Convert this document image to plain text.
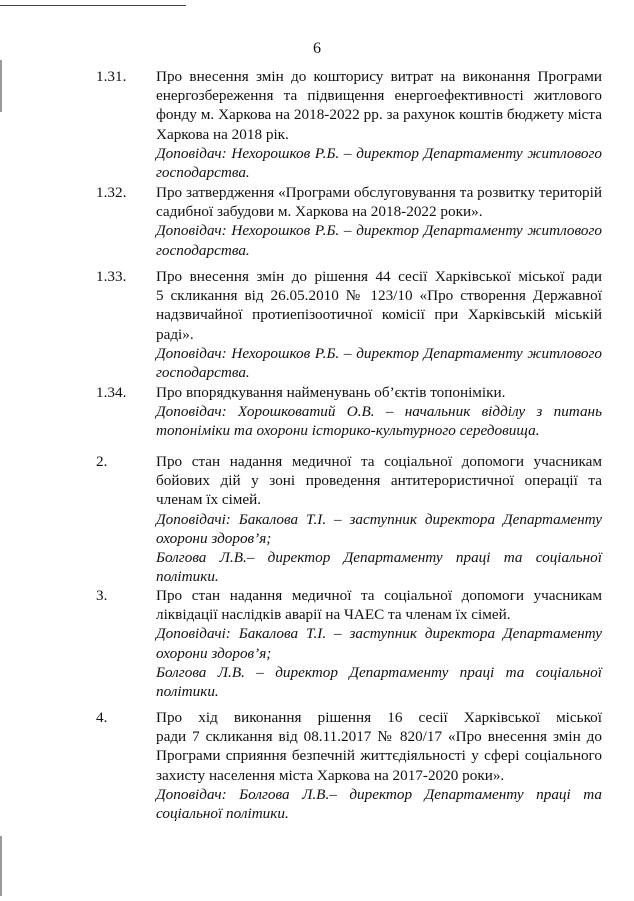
6
1.31. Про внесення змін до кошторису витрат на виконання Програми
енергозбереження та підвищення енергоефективності житлового
фонду м. Харкова на 2018-2022 рр. за рахунок коштів бюджету міста
Харкова на 2018 рік.
Доповідач: Нехорошков Р.Б. – директор Департаменту житлового
господарства.
1.32. Про затвердження «Програми обслуговування та розвитку територій
садибної забудови м. Харкова на 2018-2022 роки».
Доповідач: Нехорошков Р.Б. – директор Департаменту житлового
господарства.
1.33. Про внесення змін до рішення 44 сесії Харківської міської ради
5 скликання від 26.05.2010 № 123/10 «Про створення Державної
надзвичайної протиепізоотичної комісії при Харківській міській
раді».
Доповідач: Нехорошков Р.Б. – директор Департаменту житлового
господарства.
1.34. Про впорядкування найменувань об’єктів топоніміки.
Доповідач: Хорошковатий О.В. – начальник відділу з питань
топоніміки та охорони історико-культурного середовища.
2.	Про стан надання медичної та соціальної допомоги учасникам
бойових дій у зоні проведення антитерористичної операції та
членам їх сімей.
Доповідачі: Бакалова Т.І. – заступник директора Департаменту
охорони здоров’я;
Болгова Л.В.– директор Департаменту праці та соціальної
політики.
3.	Про стан надання медичної та соціальної допомоги учасникам
ліквідації наслідків аварії на ЧАЕС та членам їх сімей.
Доповідачі: Бакалова Т.І. – заступник директора Департаменту
охорони здоров’я;
Болгова Л.В. – директор Департаменту праці та соціальної
політики.
4.	Про хід виконання рішення 16 сесії Харківської міської
ради 7 скликання від 08.11.2017 № 820/17 «Про внесення змін до
Програми сприяння безпечній життєдіяльності у сфері соціального
захисту населення міста Харкова на 2017-2020 роки».
Доповідач: Болгова Л.В.– директор Департаменту праці та
соціальної політики.
